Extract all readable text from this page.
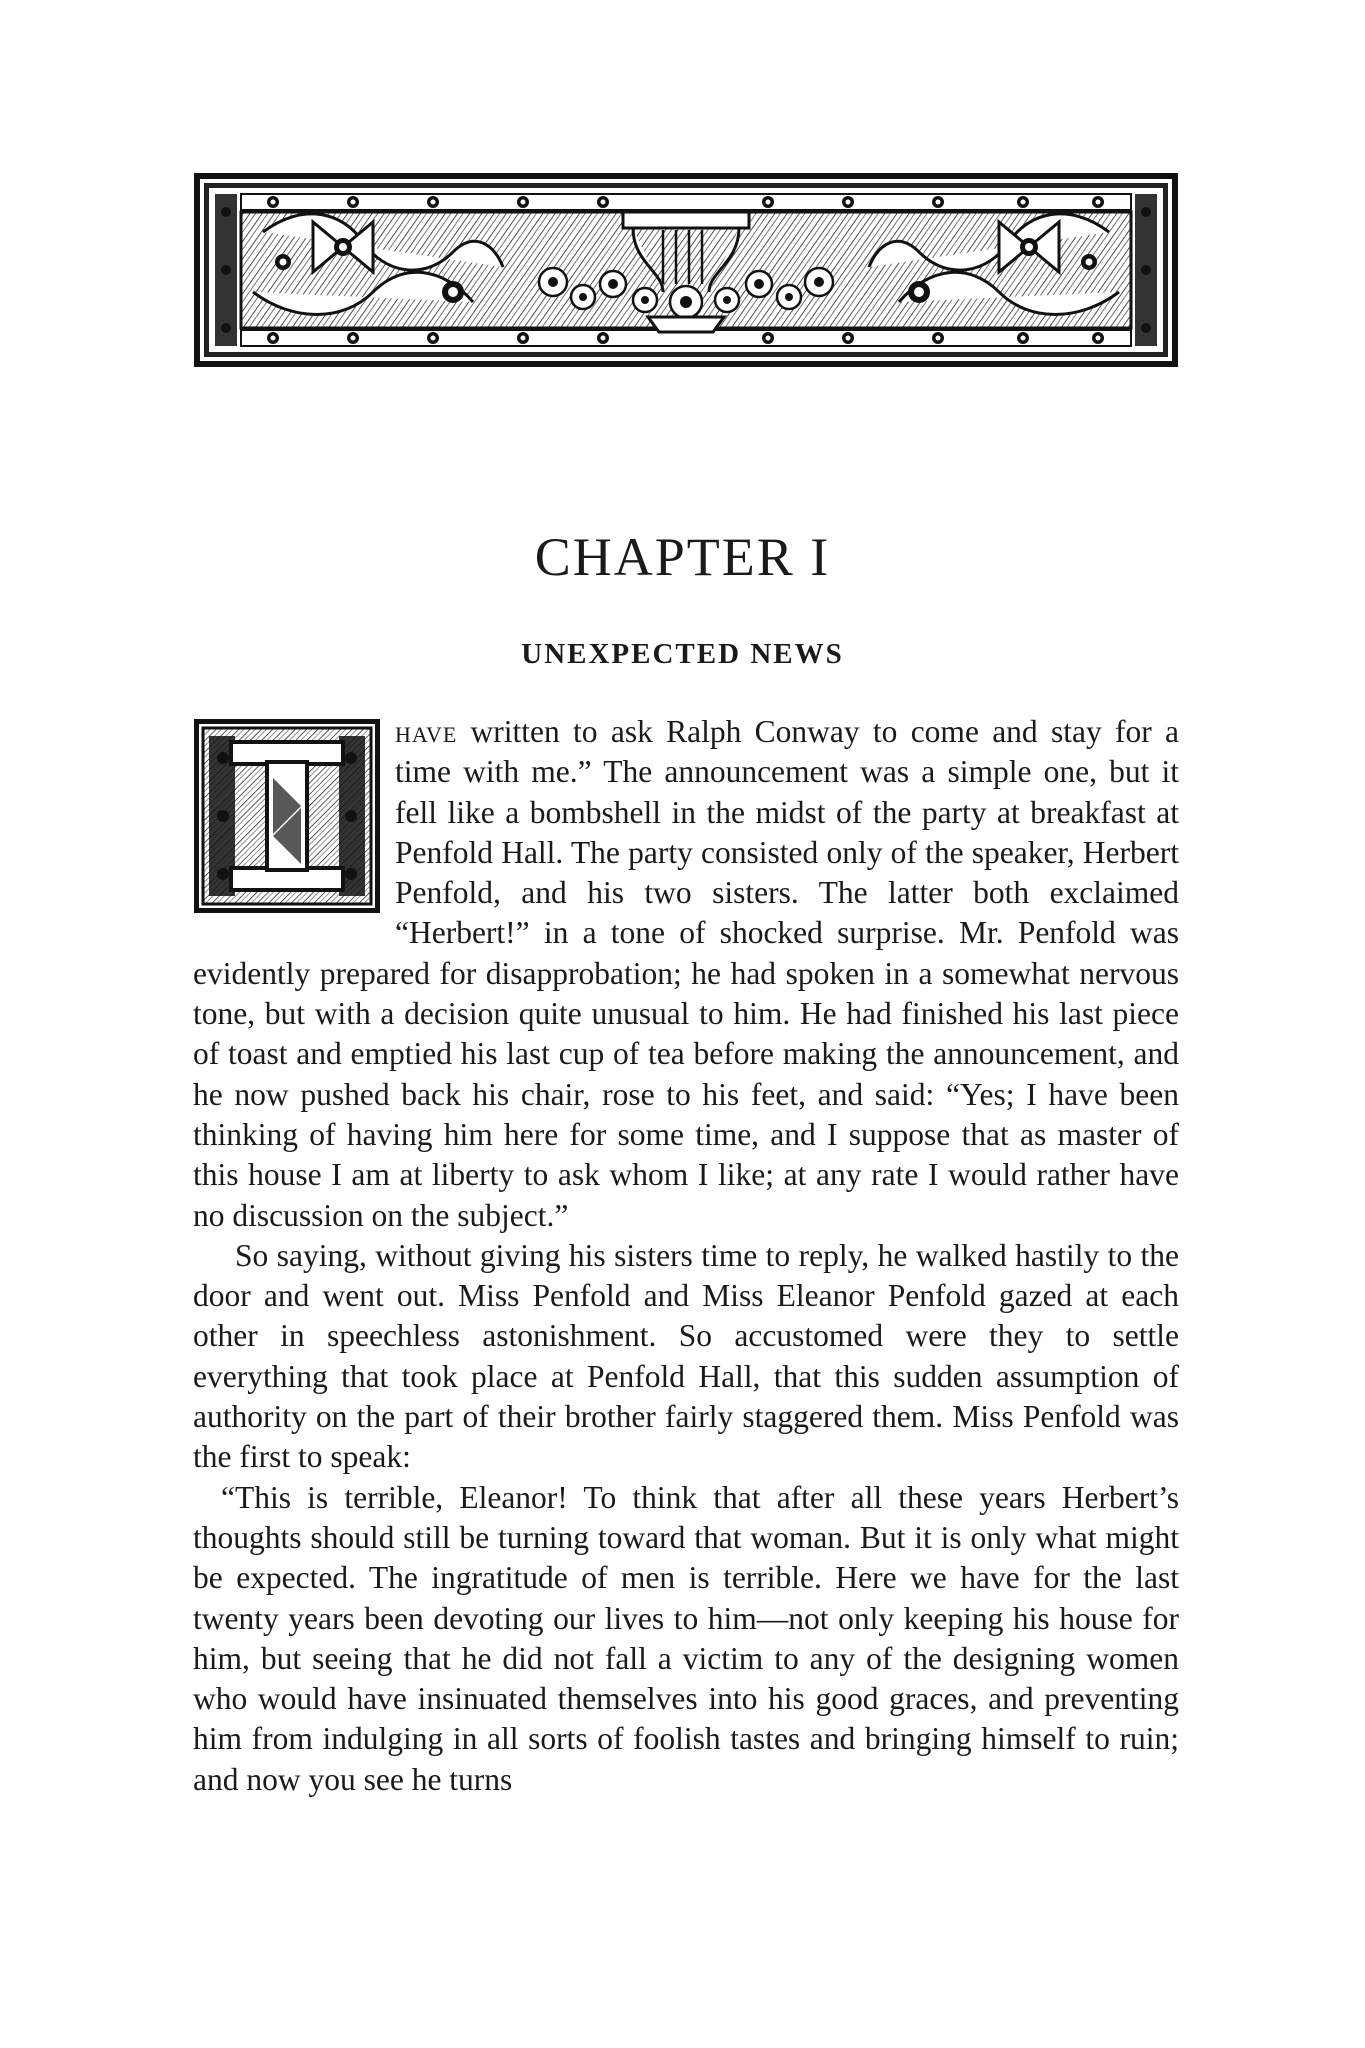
CHAPTER I
UNEXPECTED NEWS

I
have written to ask Ralph Conway to come and stay for a time with me.” The announcement was a simple one, but it fell like a bombshell in the midst of the party at breakfast at Penfold Hall. The party consisted only of the speaker, Herbert Penfold, and his two sisters. The latter both exclaimed “Herbert!” in a tone of shocked surprise. Mr. Penfold was evidently prepared for disapprobation; he had spoken in a somewhat nervous tone, but with a decision quite unusual to him. He had finished his last piece of toast and emptied his last cup of tea before making the announcement, and he now pushed back his chair, rose to his feet, and said: “Yes; I have been thinking of having him here for some time, and I suppose that as master of this house I am at liberty to ask whom I like; at any rate I would rather have no discussion on the subject.”

So saying, without giving his sisters time to reply, he walked hastily to the door and went out. Miss Penfold and Miss Eleanor Penfold gazed at each other in speechless astonishment. So accustomed were they to settle everything that took place at Penfold Hall, that this sudden assumption of authority on the part of their brother fairly staggered them. Miss Penfold was the first to speak:

“This is terrible, Eleanor! To think that after all these years Herbert’s thoughts should still be turning toward that woman. But it is only what might be expected. The ingratitude of men is terrible. Here we have for the last twenty years been devoting our lives to him—not only keeping his house for him, but seeing that he did not fall a victim to any of the designing women who would have insinuated themselves into his good graces, and preventing him from indulging in all sorts of foolish tastes and bringing himself to ruin; and now you see he turns
